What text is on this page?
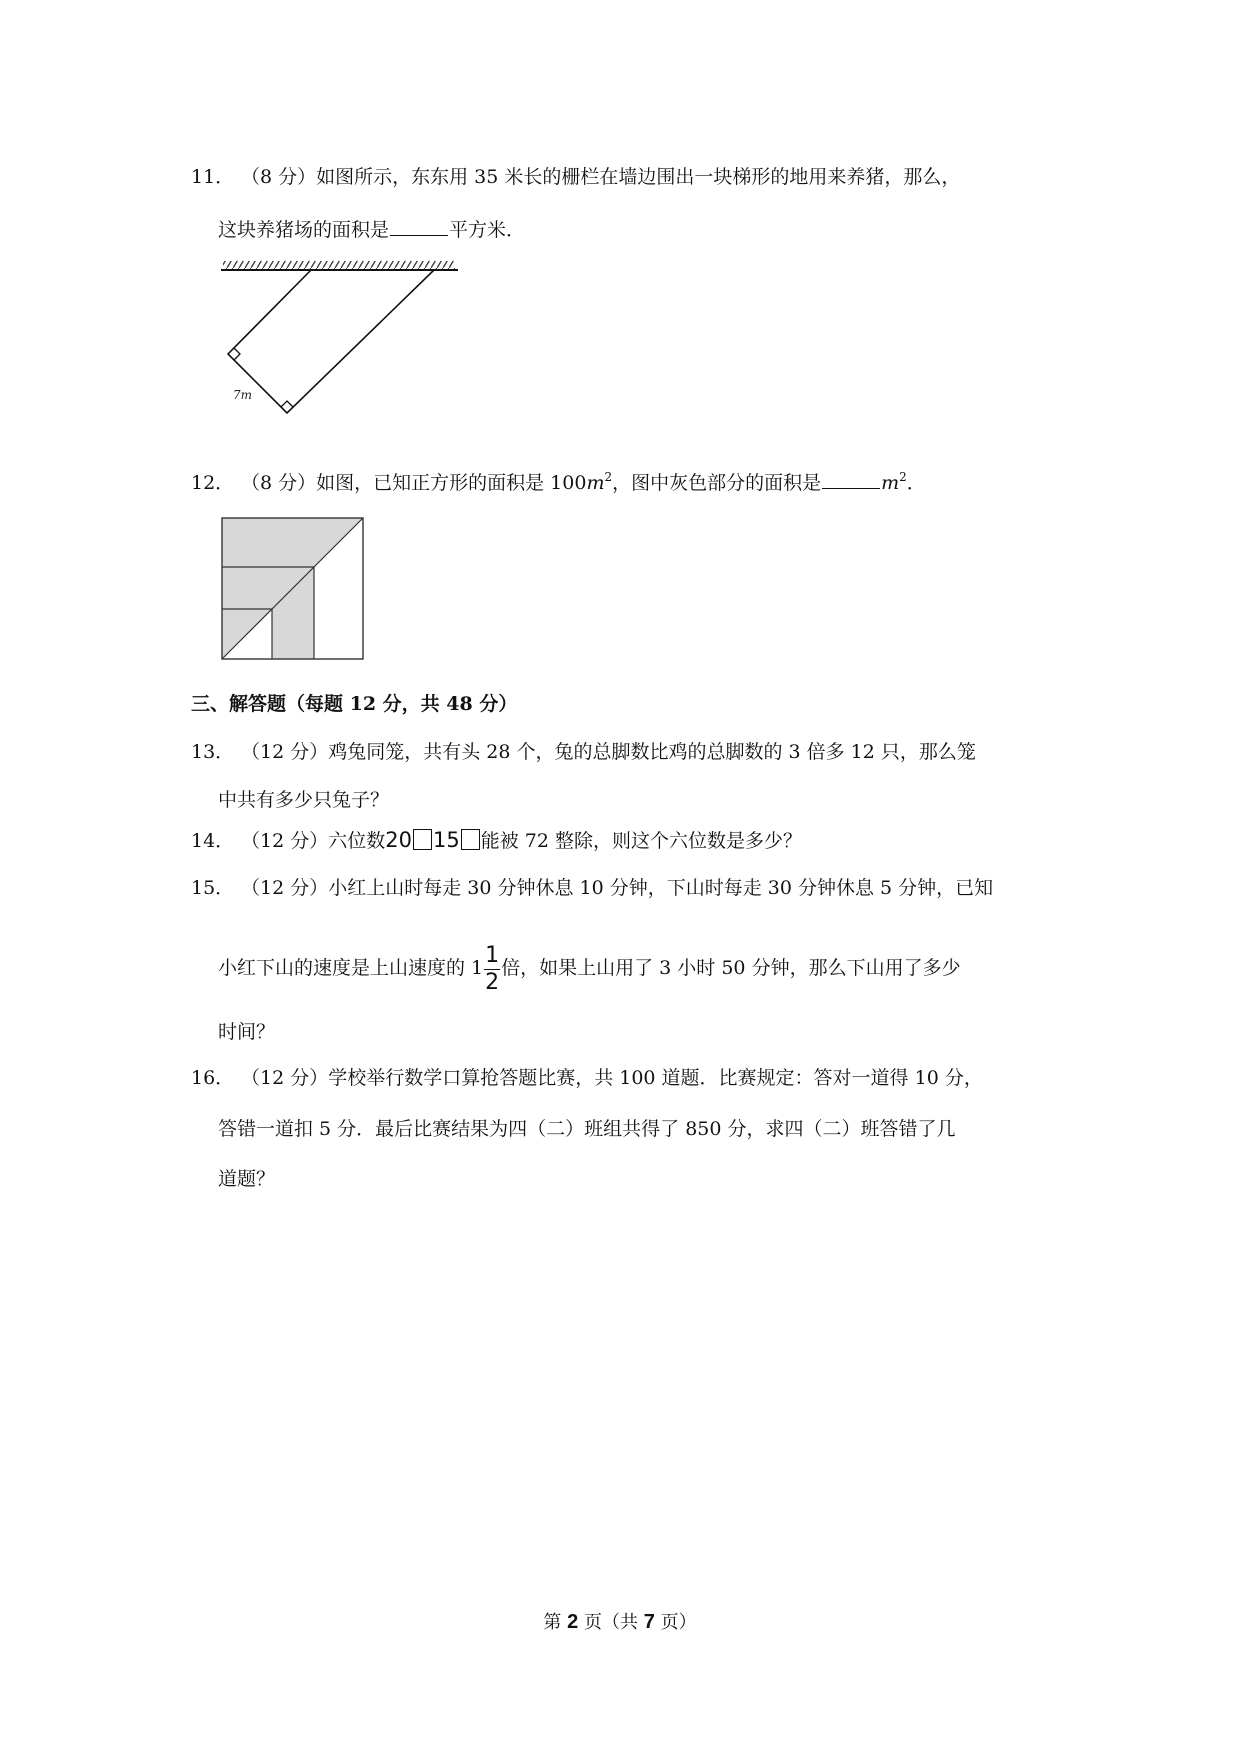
11． （8 分）如图所示，东东用 35 米长的栅栏在墙边围出一块梯形的地用来养猪，那么，
这块养猪场的面积是	平方米．
7m
12． （8 分）如图，已知正方形的面积是 $100m^2$，图中灰色部分的面积是	$m^2$．
三、解答题（每题 12 分，共 48 分）
13． （12 分）鸡兔同笼，共有头 28 个，兔的总脚数比鸡的总脚数的 3 倍多 12 只，那么笼
中共有多少只兔子？
14． （12 分）六位数20 15 能被 72 整除，则这个六位数是多少？
15． （12 分）小红上山时每走 30 分钟休息 10 分钟，下山时每走 30 分钟休息 5 分钟，已知
小红下山的速度是上山速度的 $1 \frac{1}{2}$ 倍，如果上山用了 3 小时 50 分钟，那么下山用了多少
时间？
16． （12 分）学校举行数学口算抢答题比赛，共 100 道题．比赛规定：答对一道得 10 分，
答错一道扣 5 分．最后比赛结果为四（二）班组共得了 850 分，求四（二）班答错了几
道题？
第 2 页（共 7 页）
